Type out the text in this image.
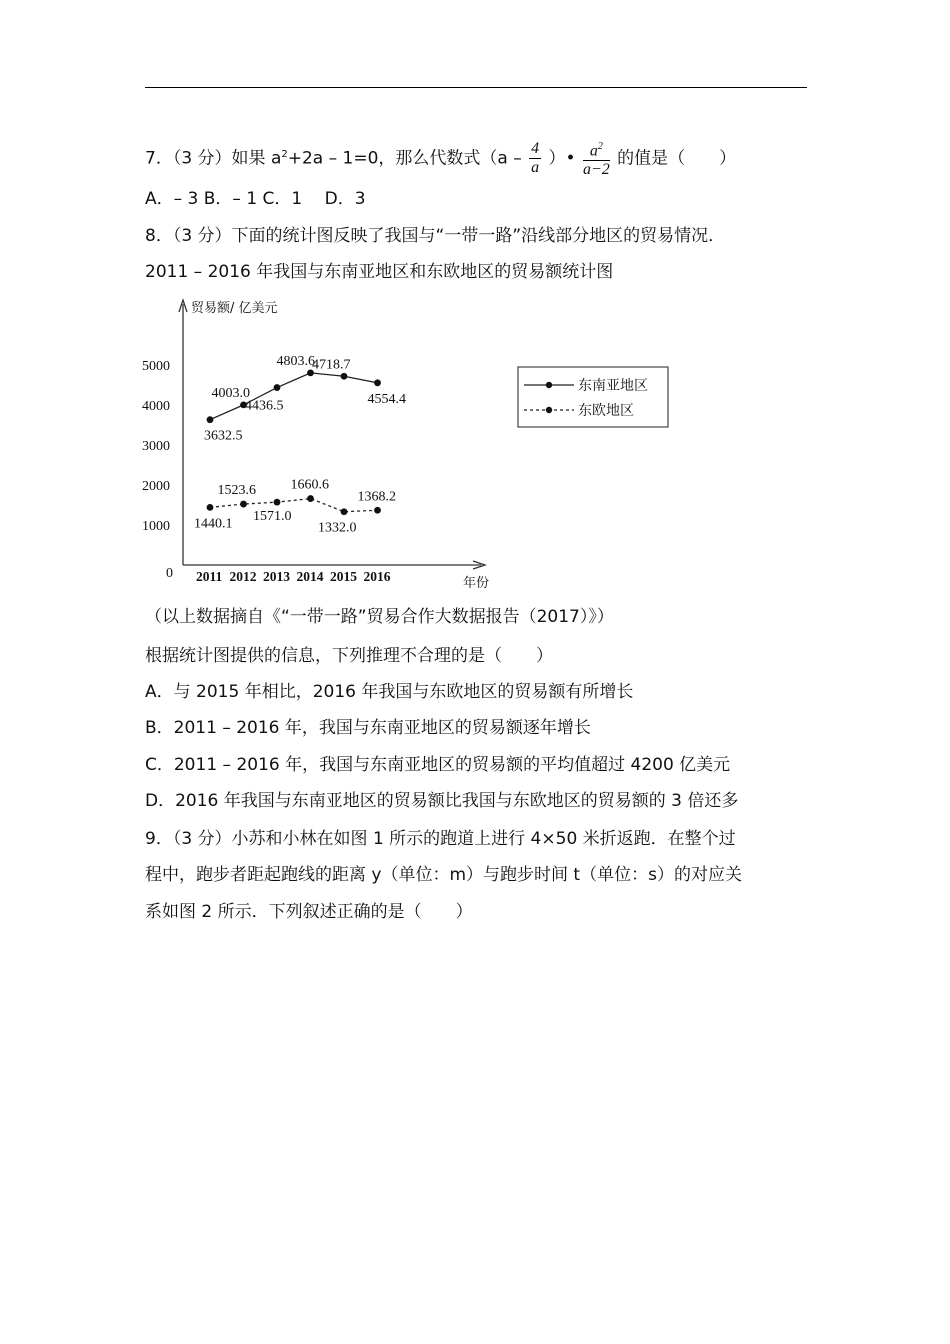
7．（3 分）如果 $a^2+2a - 1=0$，那么代数式（$a - \frac{4}{a}$ ）• $\frac{a^2}{a-2}$ 的值是（　　）
A．– 3 B．– 1 C．1　 D．3
8．（3 分）下面的统计图反映了我国与“一带一路”沿线部分地区的贸易情况．
2011 – 2016 年我国与东南亚地区和东欧地区的贸易额统计图
贸易额/ 亿美元
年份
0
1000
2000
3000
4000
5000
2011 2012 2013 2014 2015 2016
3632.5
4003.0
4436.5
4803.6
4718.7
4554.4
1440.1
1523.6
1571.0
1660.6
1332.0
1368.2
东南亚地区
东欧地区
（以上数据摘自《“一带一路”贸易合作大数据报告（2017）》）
根据统计图提供的信息，下列推理不合理的是（　　）
A．与 2015 年相比，2016 年我国与东欧地区的贸易额有所增长
B．2011 – 2016 年，我国与东南亚地区的贸易额逐年增长
C．2011 – 2016 年，我国与东南亚地区的贸易额的平均值超过 4200 亿美元
D．2016 年我国与东南亚地区的贸易额比我国与东欧地区的贸易额的 3 倍还多
9．（3 分）小苏和小林在如图 1 所示的跑道上进行 4×50 米折返跑．在整个过
程中，跑步者距起跑线的距离 y（单位：m）与跑步时间 t（单位：s）的对应关
系如图 2 所示．下列叙述正确的是（　　）
